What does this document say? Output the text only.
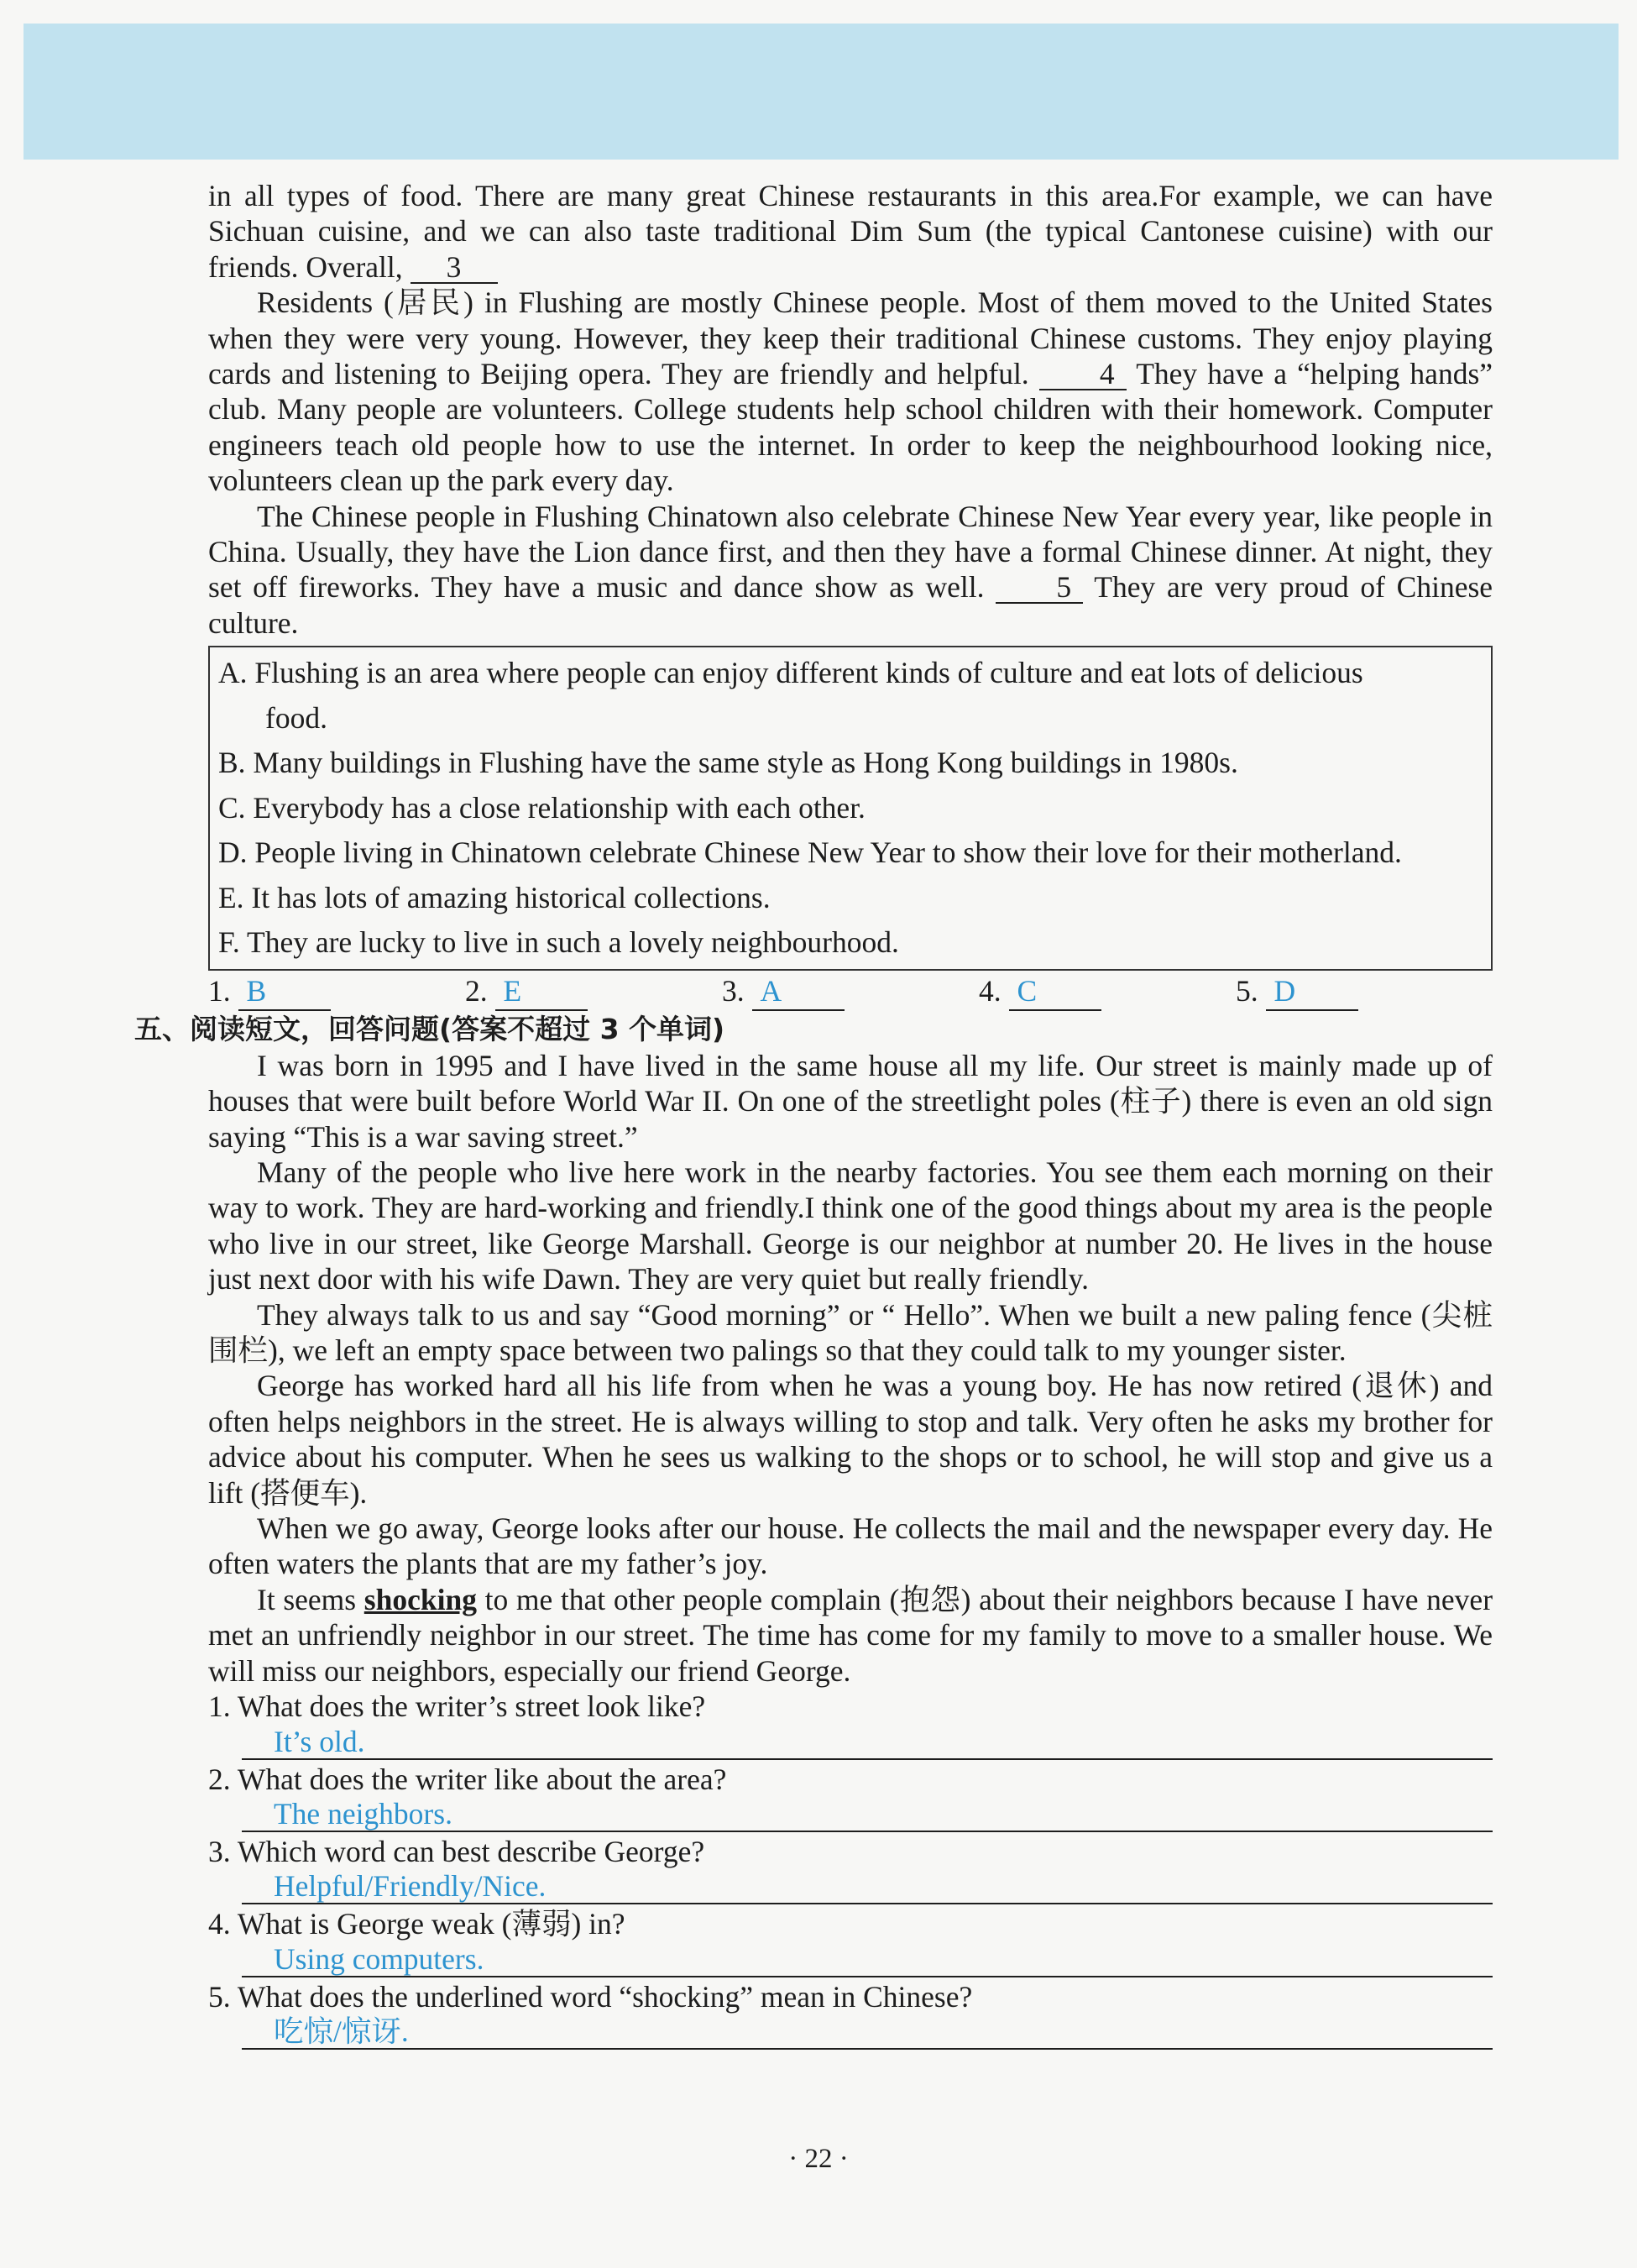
in all types of food. There are many great Chinese restaurants in this area.For example, we can have Sichuan cuisine, and we can also taste traditional Dim Sum (the typical Cantonese cuisine) with our friends. Overall, 3
Residents (居民) in Flushing are mostly Chinese people. Most of them moved to the United States when they were very young. However, they keep their traditional Chinese customs. They enjoy playing cards and listening to Beijing opera. They are friendly and helpful. 4 They have a “helping hands” club. Many people are volunteers. College students help school children with their homework. Computer engineers teach old people how to use the internet. In order to keep the neighbourhood looking nice, volunteers clean up the park every day.
The Chinese people in Flushing Chinatown also celebrate Chinese New Year every year, like people in China. Usually, they have the Lion dance first, and then they have a formal Chinese dinner. At night, they set off fireworks. They have a music and dance show as well. 5 They are very proud of Chinese culture.
A. Flushing is an area where people can enjoy different kinds of culture and eat lots of delicious
food.
B. Many buildings in Flushing have the same style as Hong Kong buildings in 1980s.
C. Everybody has a close relationship with each other.
D. People living in Chinatown celebrate Chinese New Year to show their love for their motherland.
E. It has lots of amazing historical collections.
F. They are lucky to live in such a lovely neighbourhood.
1. B	2. E	3. A	4. C	5. D
五、阅读短文，回答问题(答案不超过 3 个单词)
I was born in 1995 and I have lived in the same house all my life. Our street is mainly made up of houses that were built before World War II. On one of the streetlight poles (柱子) there is even an old sign saying “This is a war saving street.”
Many of the people who live here work in the nearby factories. You see them each morning on their way to work. They are hard-working and friendly.I think one of the good things about my area is the people who live in our street, like George Marshall. George is our neighbor at number 20. He lives in the house just next door with his wife Dawn. They are very quiet but really friendly.
They always talk to us and say “Good morning” or “ Hello”. When we built a new paling fence (尖桩围栏), we left an empty space between two palings so that they could talk to my younger sister.
George has worked hard all his life from when he was a young boy. He has now retired (退休) and often helps neighbors in the street. He is always willing to stop and talk. Very often he asks my brother for advice about his computer. When he sees us walking to the shops or to school, he will stop and give us a lift (搭便车).
When we go away, George looks after our house. He collects the mail and the newspaper every day. He often waters the plants that are my father’s joy.
It seems shocking to me that other people complain (抱怨) about their neighbors because I have never met an unfriendly neighbor in our street. The time has come for my family to move to a smaller house. We will miss our neighbors, especially our friend George.
1. What does the writer’s street look like?
It’s old.
2. What does the writer like about the area?
The neighbors.
3. Which word can best describe George?
Helpful/Friendly/Nice.
4. What is George weak (薄弱) in?
Using computers.
5. What does the underlined word “shocking” mean in Chinese?
吃惊/惊讶.
· 22 ·
